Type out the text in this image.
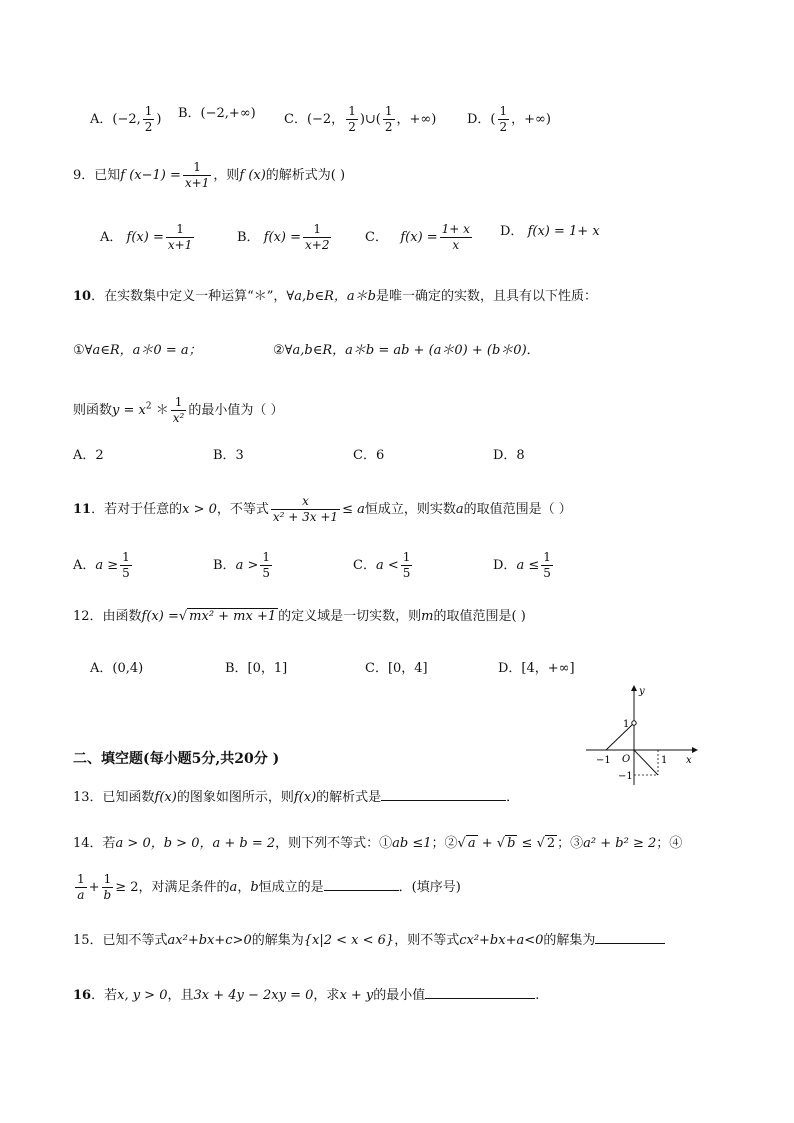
A．(−2, $\frac{1}{2}$ ) B．(−2,+∞) C．(−2， $\frac{1}{2}$ )∪( $\frac{1}{2}$ ，+∞) D．( $\frac{1}{2}$ ，+∞)
9．已知f $(x-1) = \frac{1}{x+1}$ ，则f (x)的解析式为( )
A． $f(x) = \frac{1}{x+1}$	B． $f(x) = \frac{1}{x+2}$	C． $f(x) = \frac{1+ x}{x}$ D． f(x) = 1+ x
10．在实数集中定义一种运算“＊”，∀a,b∈R，a＊b是唯一确定的实数，且具有以下性质：
①∀a∈R，a＊0 = a；	②∀a,b∈R，a＊b = ab + (a＊0) + (b＊0)．
则函数$y = x^2$ ＊ $\frac{1}{\text{x²}}$ 的最小值为（ ）
A．2	B．3	C．6	D．8
11．若对于任意的x > 0，不等式 $\frac{x}{\text{x² + 3x +1}} \le a$恒成立，则实数a的取值范围是（ ）
A．$a \ge \frac{1}{5}$	B．$a > \frac{1}{5}$	C．$a < \frac{1}{5}$	D．$a \le \frac{1}{5}$
12．由函数f(x) =√ mx² + mx +1 的定义域是一切实数，则m的取值范围是( )
A．(0,4)	B．[0，1]	C．[0，4]	D．[4，+∞]
y
x
O
1
−1	1
−1
二、填空题(每小题5分,共20分 )
13．已知函数f(x)的图象如图所示，则f(x)的解析式是	．
14．若a > 0，b > 0，a + b = 2，则下列不等式：①ab ≤1；②√ a + √ b ≤ √ 2 ；③a² + b² ≥ 2；④
$\frac{1}{a} + \frac{1}{b} \ge 2$，对满足条件的a，b恒成立的是	．(填序号)
15．已知不等式ax²+bx+c>0的解集为{x|2 < x < 6}，则不等式cx²+bx+a<0的解集为
16．若x, y > 0，且3x + 4y − 2xy = 0，求x + y的最小值	.
